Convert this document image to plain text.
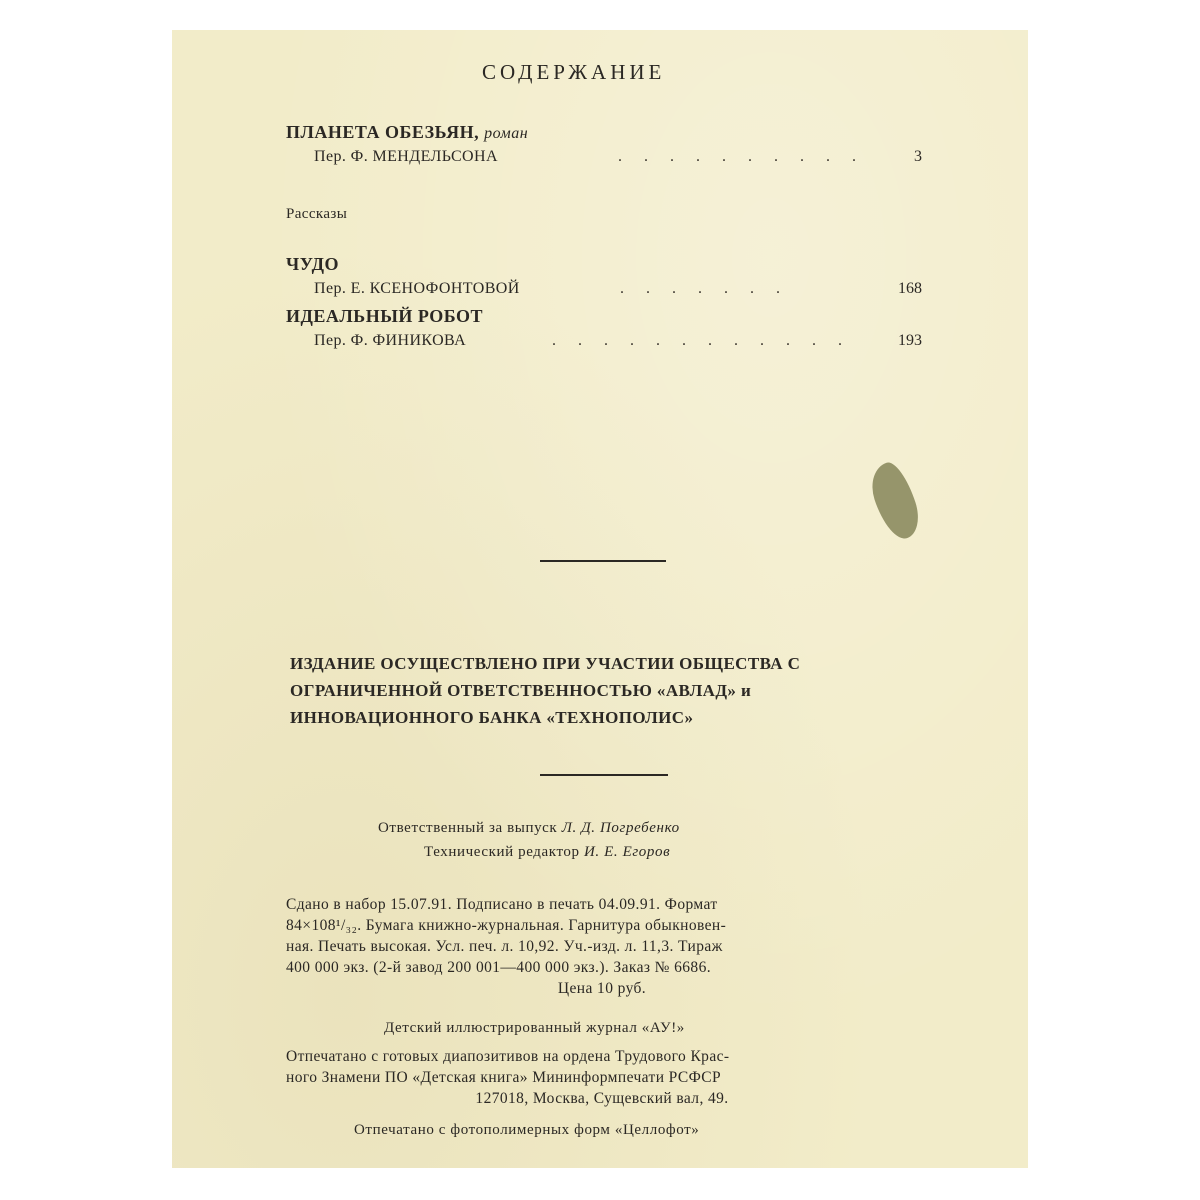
СОДЕРЖАНИЕ
ПЛАНЕТА ОБЕЗЬЯН, роман
Пер. Ф. МЕНДЕЛЬСОНА	. . . . . . . . . .	3
Рассказы
ЧУДО
Пер. Е. КСЕНОФОНТОВОЙ	. . . . . . .	168
ИДЕАЛЬНЫЙ РОБОТ
Пер. Ф. ФИНИКОВА	. . . . . . . . . . . .	193
ИЗДАНИЕ ОСУЩЕСТВЛЕНО ПРИ УЧАСТИИ ОБЩЕСТВА С
ОГРАНИЧЕННОЙ ОТВЕТСТВЕННОСТЬЮ «АВЛАД» и
ИННОВАЦИОННОГО БАНКА «ТЕХНОПОЛИС»
Ответственный за выпуск Л. Д. Погребенко
Технический редактор И. Е. Егоров
Сдано в набор 15.07.91. Подписано в печать 04.09.91. Формат
84×108¹/₃₂. Бумага книжно-журнальная. Гарнитура обыкновен-
ная. Печать высокая. Усл. печ. л. 10,92. Уч.-изд. л. 11,3. Тираж
400 000 экз. (2-й завод 200 001—400 000 экз.). Заказ № 6686.
Цена 10 руб.
Детский иллюстрированный журнал «АУ!»
Отпечатано с готовых диапозитивов на ордена Трудового Крас-
ного Знамени ПО «Детская книга» Мининформпечати РСФСР
127018, Москва, Сущевский вал, 49.
Отпечатано с фотополимерных форм «Целлофот»
